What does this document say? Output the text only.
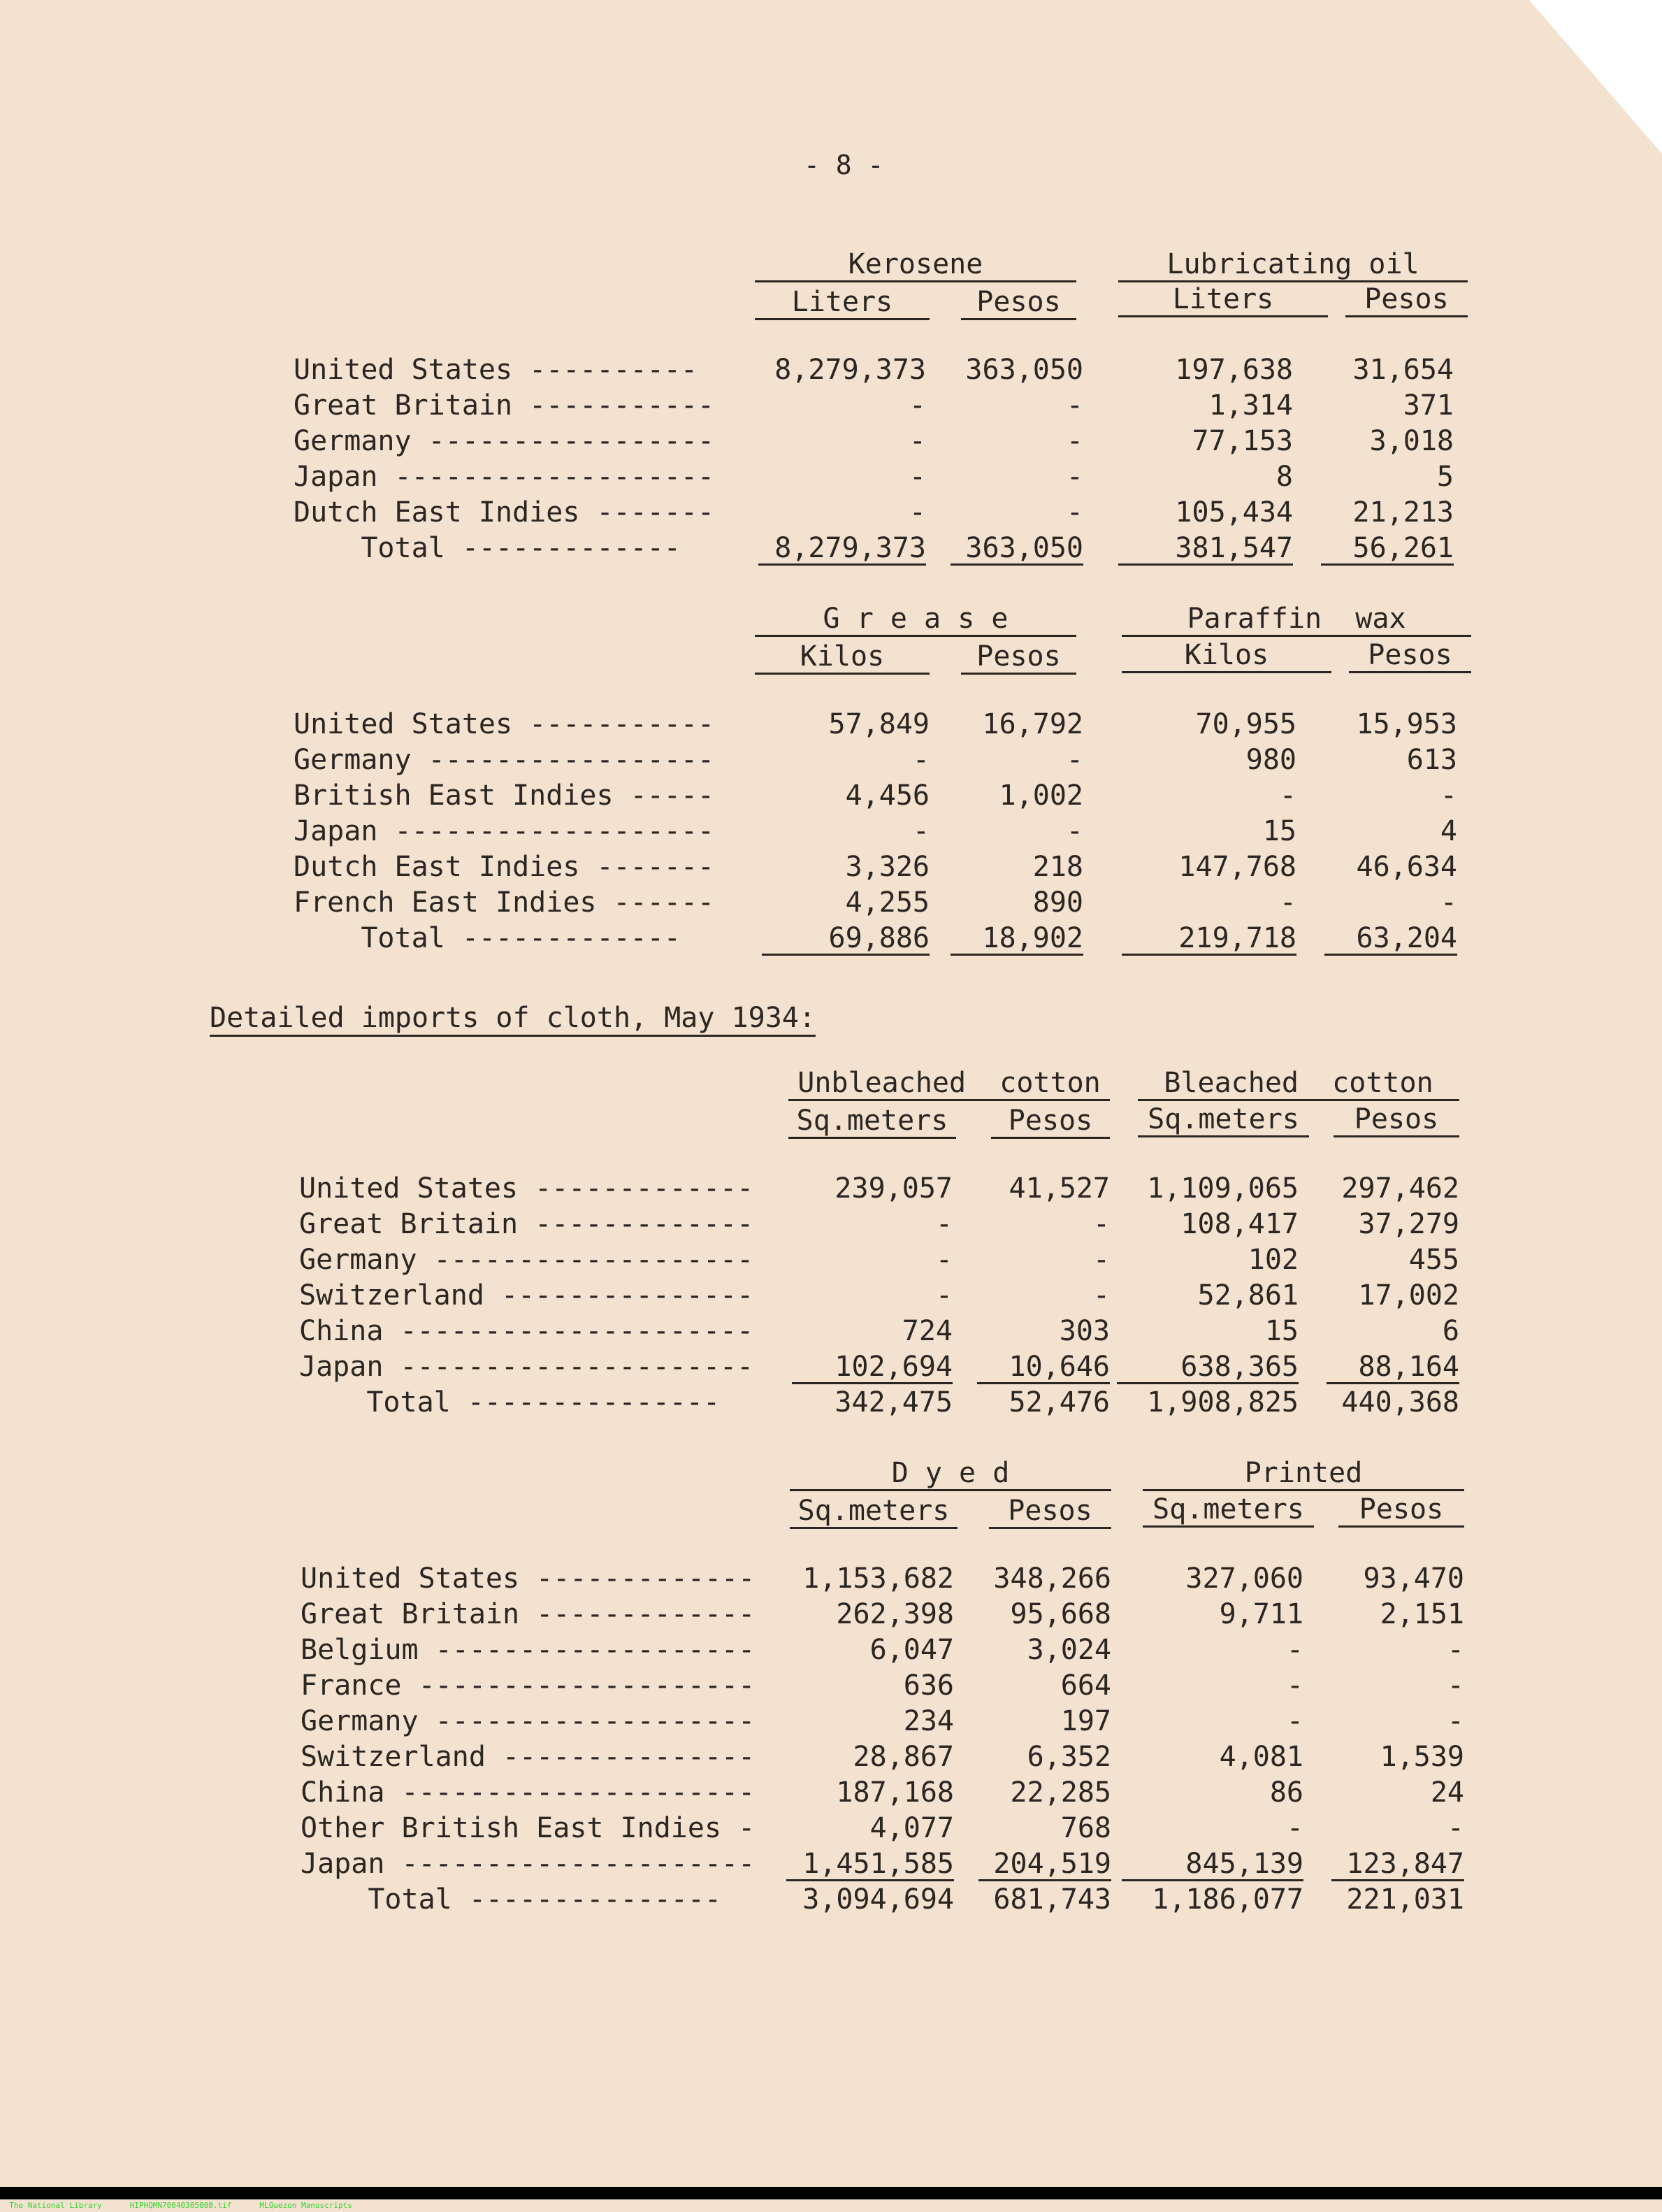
- 8 -
Kerosene	Lubricating oil
Liters	Pesos	Liters	Pesos
United States ----------	8,279,373	363,050	197,638	31,654
Great Britain -----------	-	-	1,314	371
Germany -----------------	-	-	77,153	3,018
Japan -------------------	-	-	8	5
Dutch East Indies -------	-	-	105,434	21,213
Total -------------	8,279,373	363,050	381,547	56,261
G r e a s e	Paraffin  wax
Kilos	Pesos	Kilos	Pesos
United States -----------	57,849	16,792	70,955	15,953
Germany -----------------	-	-	980	613
British East Indies -----	4,456	1,002	-	-
Japan -------------------	-	-	15	4
Dutch East Indies -------	3,326	218	147,768	46,634
French East Indies ------	4,255	890	-	-
Total -------------	69,886	18,902	219,718	63,204
Detailed imports of cloth, May 1934:
Unbleached  cotton	Bleached  cotton
Sq.meters	Pesos	Sq.meters	Pesos
United States -------------	239,057	41,527	1,109,065	297,462
Great Britain -------------	-	-	108,417	37,279
Germany -------------------	-	-	102	455
Switzerland ---------------	-	-	52,861	17,002
China ---------------------	724	303	15	6
Japan ---------------------	102,694	10,646	638,365	88,164
Total ---------------	342,475	52,476	1,908,825	440,368
D y e d	Printed
Sq.meters	Pesos	Sq.meters	Pesos
United States -------------	1,153,682	348,266	327,060	93,470
Great Britain -------------	262,398	95,668	9,711	2,151
Belgium -------------------	6,047	3,024	-	-
France --------------------	636	664	-	-
Germany -------------------	234	197	-	-
Switzerland ---------------	28,867	6,352	4,081	1,539
China ---------------------	187,168	22,285	86	24
Other British East Indies -	4,077	768	-	-
Japan ---------------------	1,451,585	204,519	845,139	123,847
Total ---------------	3,094,694	681,743	1,186,077	221,031

The National Library	HIPHQMN70040305008.tif	MLQuezon Manuscripts
